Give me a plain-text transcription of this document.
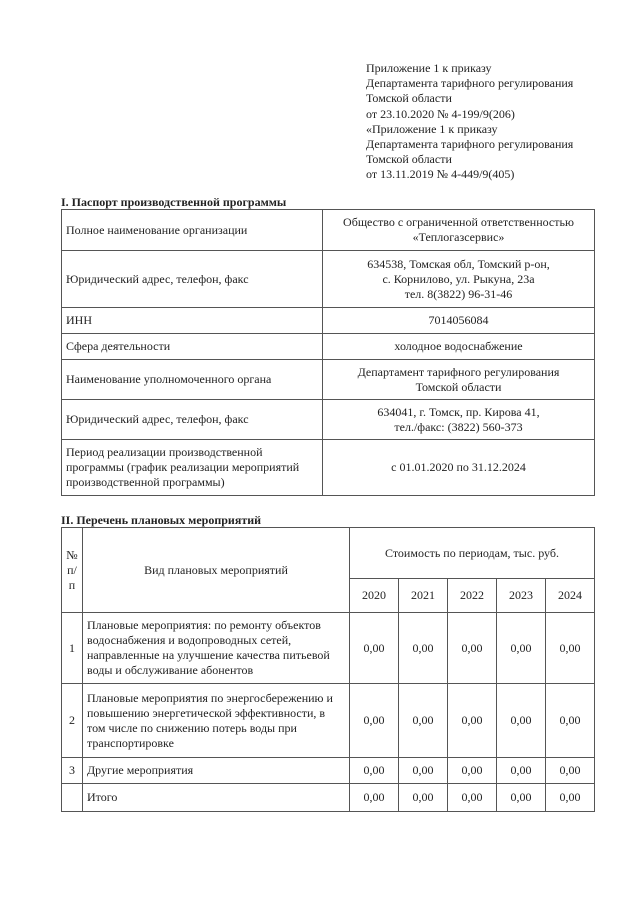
Приложение 1 к приказу
Департамента тарифного регулирования
Томской области
от 23.10.2020 № 4-199/9(206)
«Приложение 1 к приказу
Департамента тарифного регулирования
Томской области
от 13.11.2019 № 4-449/9(405)
I. Паспорт производственной программы
Полное наименование организации	Общество с ограниченной ответственностью
«Теплогазсервис»

Юридический адрес, телефон, факс	634538, Томская обл, Томский р-он,
с. Корнилово, ул. Рыкуна, 23а
тел. 8(3822) 96-31-46

ИНН	7014056084

Сфера деятельности	холодное водоснабжение

Наименование уполномоченного органа	Департамент тарифного регулирования
Томской области

Юридический адрес, телефон, факс	634041, г. Томск, пр. Кирова 41,
тел./факс: (3822) 560-373

Период реализации производственной программы (график реализации мероприятий производственной программы)	с 01.01.2020 по 31.12.2024
II. Перечень плановых мероприятий
№ п/п	Вид плановых мероприятий	Стоимость по периодам, тыс. руб.				
		2020	2021	2022	2023	2024
1	Плановые мероприятия: по ремонту объектов водоснабжения и водопроводных сетей, направленные на улучшение качества питьевой воды и обслуживание абонентов	0,00	0,00	0,00	0,00	0,00
2	Плановые мероприятия по энергосбережению и повышению энергетической эффективности, в том числе по снижению потерь воды при транспортировке	0,00	0,00	0,00	0,00	0,00
3	Другие мероприятия	0,00	0,00	0,00	0,00	0,00
	Итого	0,00	0,00	0,00	0,00	0,00
